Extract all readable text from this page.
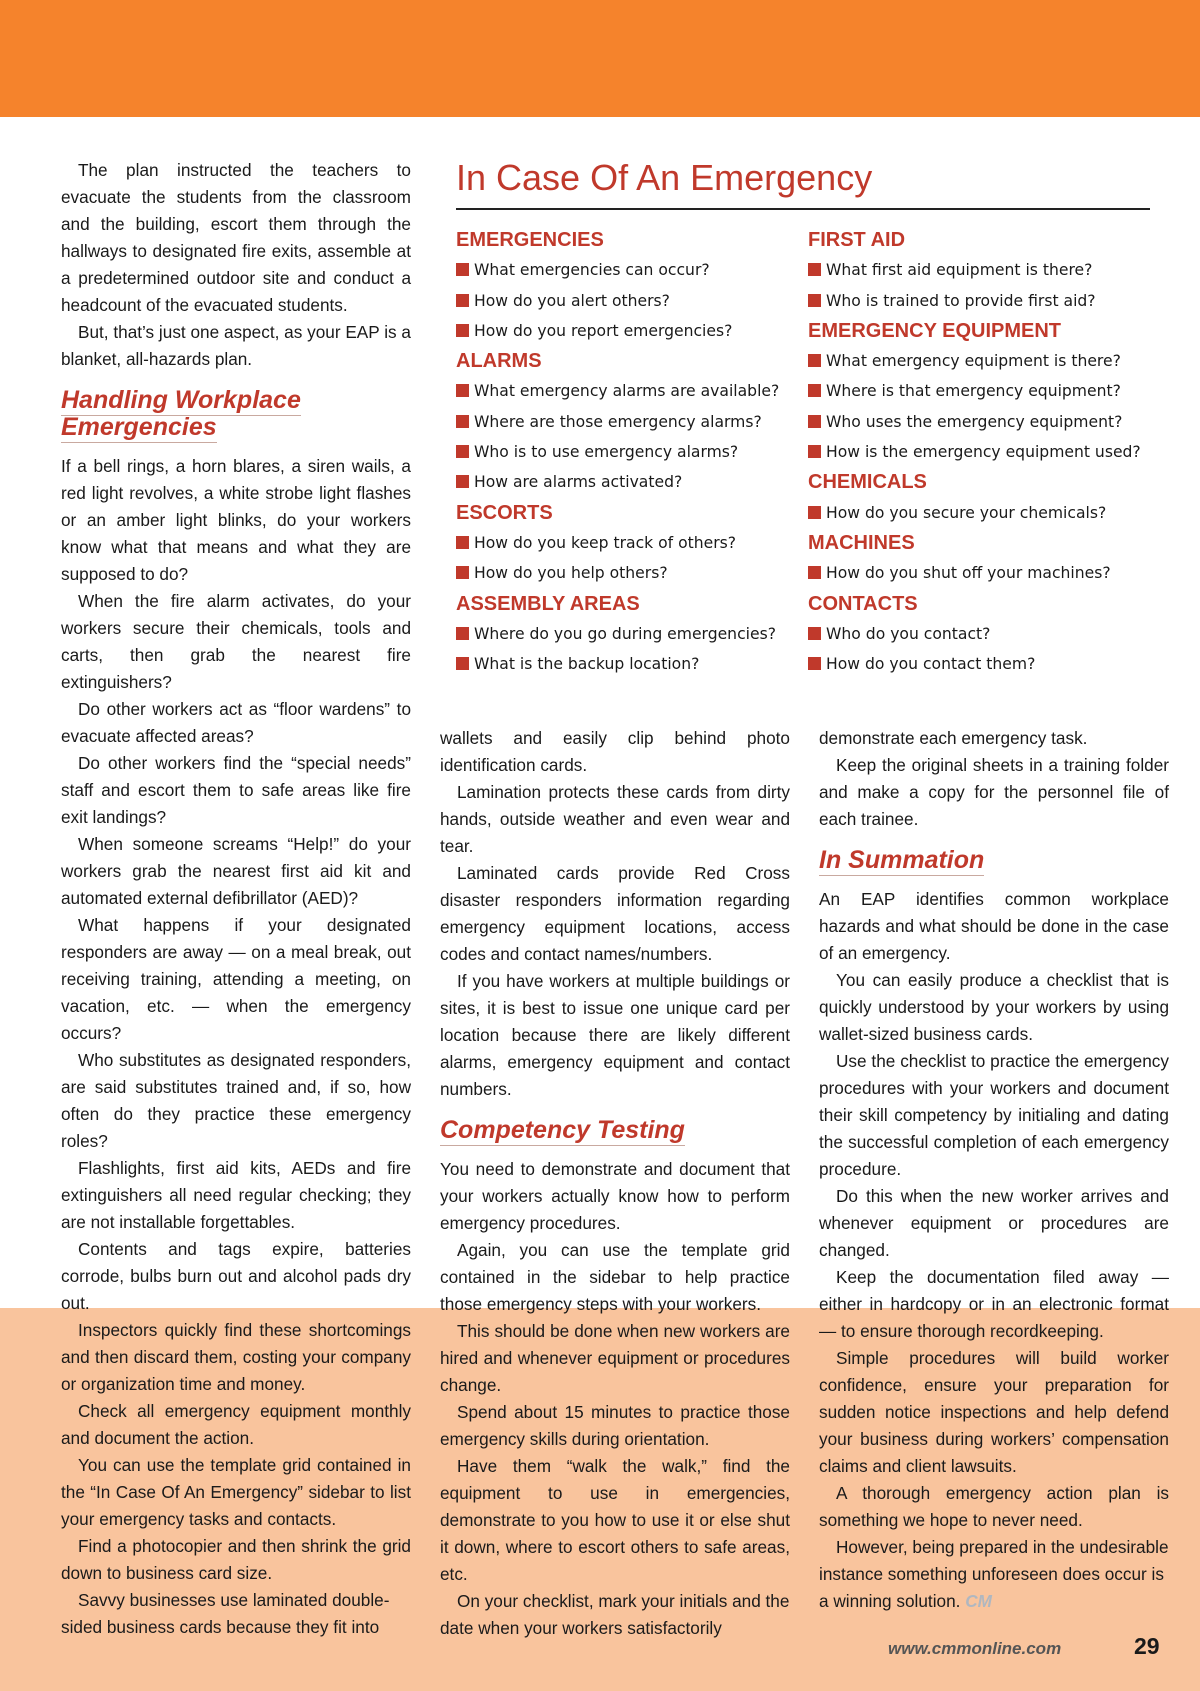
The plan instructed the teachers to evacuate the students from the classroom and the building, escort them through the hallways to designated fire exits, assemble at a predetermined outdoor site and conduct a headcount of the evacuated students.

But, that’s just one aspect, as your EAP is a blanket, all-hazards plan.

Handling Workplace Emergencies

If a bell rings, a horn blares, a siren wails, a red light revolves, a white strobe light flashes or an amber light blinks, do your workers know what that means and what they are supposed to do?

When the fire alarm activates, do your workers secure their chemicals, tools and carts, then grab the nearest fire extinguishers?

Do other workers act as “floor wardens” to evacuate affected areas?

Do other workers find the “special needs” staff and escort them to safe areas like fire exit landings?

When someone screams “Help!” do your workers grab the nearest first aid kit and automated external defibrillator (AED)?

What happens if your designated responders are away — on a meal break, out receiving training, attending a meeting, on vacation, etc. — when the emergency occurs?

Who substitutes as designated responders, are said substitutes trained and, if so, how often do they practice these emergency roles?

Flashlights, first aid kits, AEDs and fire extinguishers all need regular checking; they are not installable forgettables.

Contents and tags expire, batteries corrode, bulbs burn out and alcohol pads dry out.

Inspectors quickly find these shortcomings and then discard them, costing your company or organization time and money.

Check all emergency equipment monthly and document the action.

You can use the template grid contained in the “In Case Of An Emergency” sidebar to list your emergency tasks and contacts.

Find a photocopier and then shrink the grid down to business card size.

Savvy businesses use laminated double-sided business cards because they fit into

In Case Of An Emergency
EMERGENCIES
What emergencies can occur?
How do you alert others?
How do you report emergencies?
ALARMS
What emergency alarms are available?
Where are those emergency alarms?
Who is to use emergency alarms?
How are alarms activated?
ESCORTS
How do you keep track of others?
How do you help others?
ASSEMBLY AREAS
Where do you go during emergencies?
What is the backup location?
FIRST AID
What first aid equipment is there?
Who is trained to provide first aid?
EMERGENCY EQUIPMENT
What emergency equipment is there?
Where is that emergency equipment?
Who uses the emergency equipment?
How is the emergency equipment used?
CHEMICALS
How do you secure your chemicals?
MACHINES
How do you shut off your machines?
CONTACTS
Who do you contact?
How do you contact them?

wallets and easily clip behind photo identification cards.

Lamination protects these cards from dirty hands, outside weather and even wear and tear.

Laminated cards provide Red Cross disaster responders information regarding emergency equipment locations, access codes and contact names/numbers.

If you have workers at multiple buildings or sites, it is best to issue one unique card per location because there are likely different alarms, emergency equipment and contact numbers.

Competency Testing

You need to demonstrate and document that your workers actually know how to perform emergency procedures.

Again, you can use the template grid contained in the sidebar to help practice those emergency steps with your workers.

This should be done when new workers are hired and whenever equipment or procedures change.

Spend about 15 minutes to practice those emergency skills during orientation.

Have them “walk the walk,” find the equipment to use in emergencies, demonstrate to you how to use it or else shut it down, where to escort others to safe areas, etc.

On your checklist, mark your initials and the date when your workers satisfactorily

demonstrate each emergency task.

Keep the original sheets in a training folder and make a copy for the personnel file of each trainee.

In Summation

An EAP identifies common workplace hazards and what should be done in the case of an emergency.

You can easily produce a checklist that is quickly understood by your workers by using wallet-sized business cards.

Use the checklist to practice the emergency procedures with your workers and document their skill competency by initialing and dating the successful completion of each emergency procedure.

Do this when the new worker arrives and whenever equipment or procedures are changed.

Keep the documentation filed away — either in hardcopy or in an electronic format — to ensure thorough recordkeeping.

Simple procedures will build worker confidence, ensure your preparation for sudden notice inspections and help defend your business during workers’ compensation claims and client lawsuits.

A thorough emergency action plan is something we hope to never need.

However, being prepared in the undesirable instance something unforeseen does occur is a winning solution. CM

www.cmmonline.com	29
